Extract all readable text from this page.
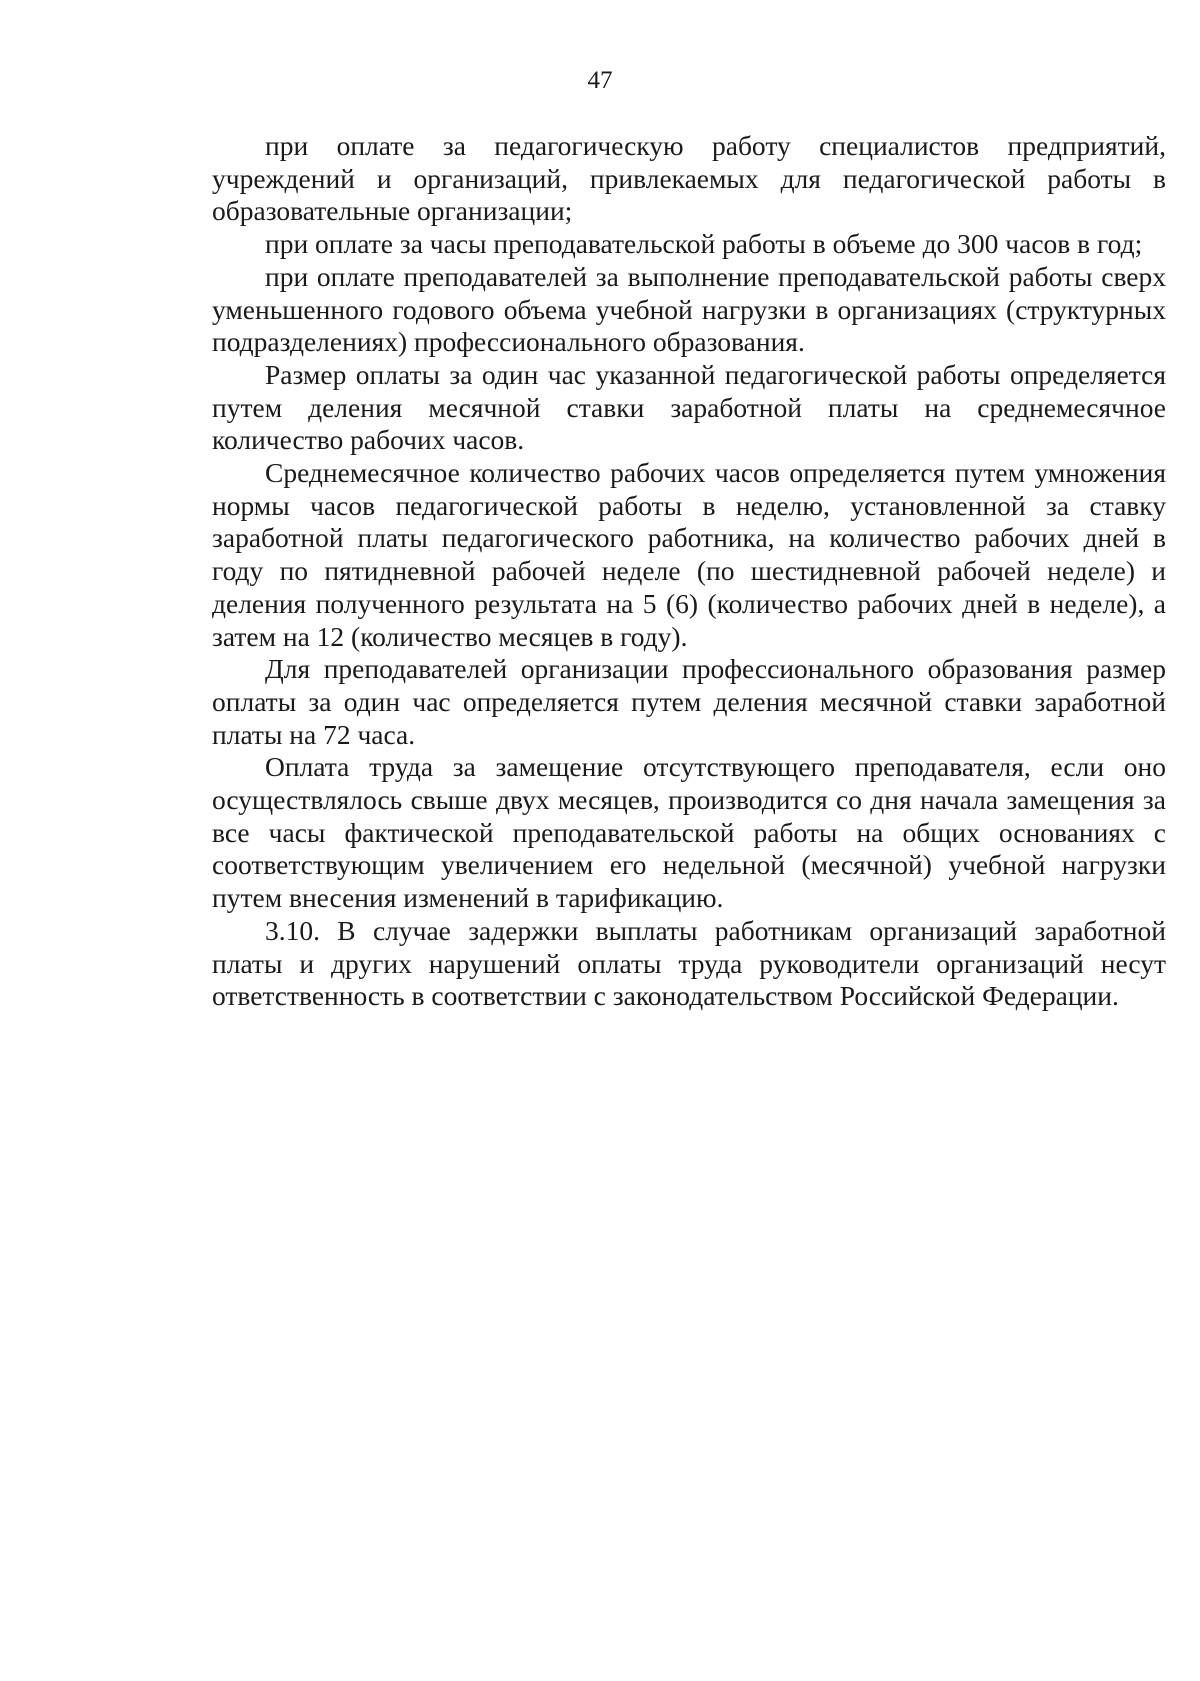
47

при оплате за педагогическую работу специалистов предприятий, учреждений и организаций, привлекаемых для педагогической работы в образовательные организации;

при оплате за часы преподавательской работы в объеме до 300 часов в год;

при оплате преподавателей за выполнение преподавательской работы сверх уменьшенного годового объема учебной нагрузки в организациях (структурных подразделениях) профессионального образования.

Размер оплаты за один час указанной педагогической работы определяется путем деления месячной ставки заработной платы на среднемесячное количество рабочих часов.

Среднемесячное количество рабочих часов определяется путем умножения нормы часов педагогической работы в неделю, установленной за ставку заработной платы педагогического работника, на количество рабочих дней в году по пятидневной рабочей неделе (по шестидневной рабочей неделе) и деления полученного результата на 5 (6) (количество рабочих дней в неделе), а затем на 12 (количество месяцев в году).

Для преподавателей организации профессионального образования размер оплаты за один час определяется путем деления месячной ставки заработной платы на 72 часа.

Оплата труда за замещение отсутствующего преподавателя, если оно осуществлялось свыше двух месяцев, производится со дня начала замещения за все часы фактической преподавательской работы на общих основаниях с соответствующим увеличением его недельной (месячной) учебной нагрузки путем внесения изменений в тарификацию.

3.10. В случае задержки выплаты работникам организаций заработной платы и других нарушений оплаты труда руководители организаций несут ответственность в соответствии с законодательством Российской Федерации.
